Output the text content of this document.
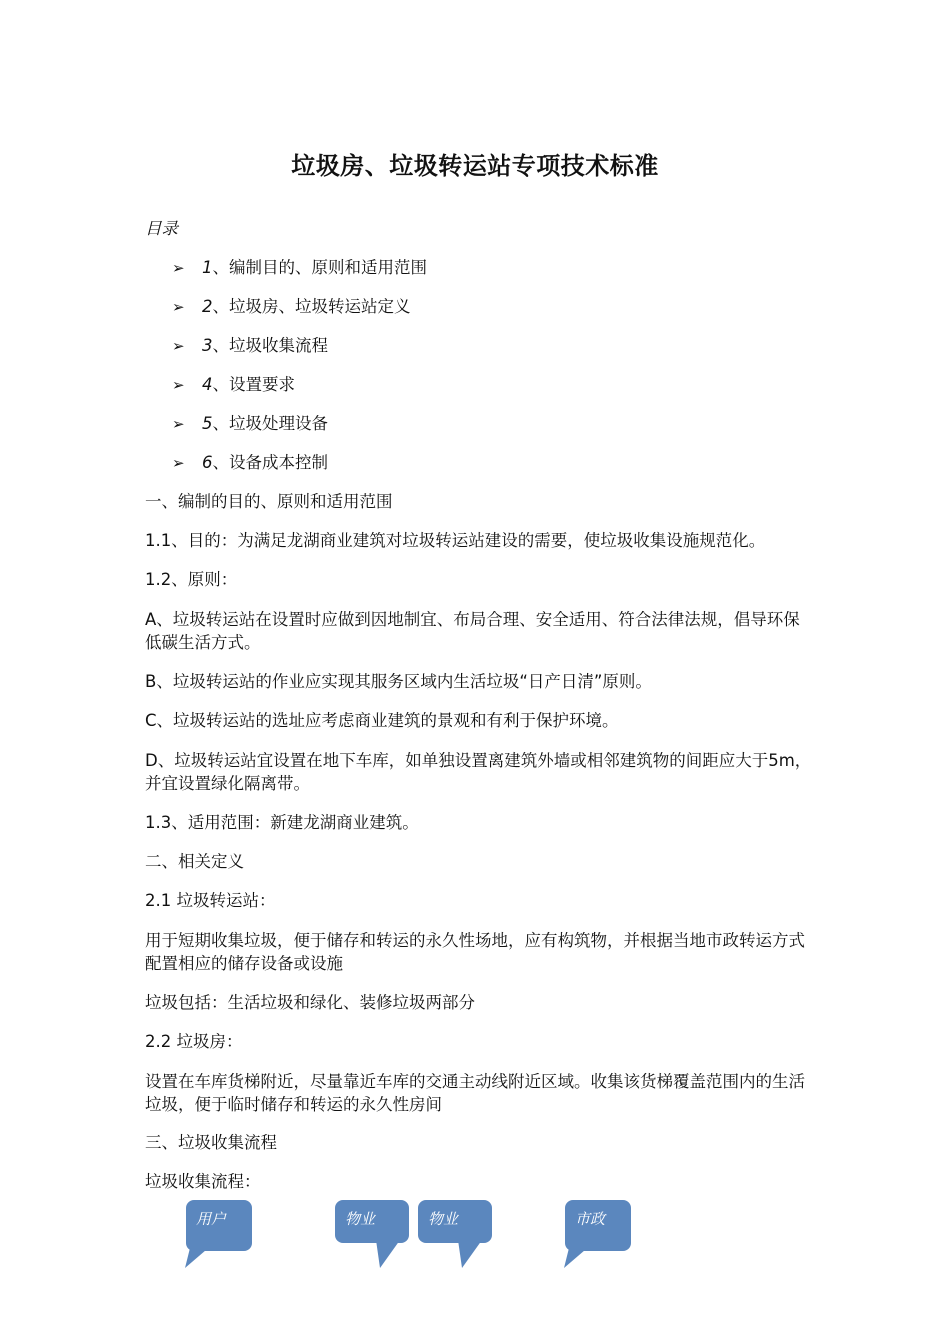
垃圾房、垃圾转运站专项技术标准
目录
➢ 1、编制目的、原则和适用范围
➢ 2、垃圾房、垃圾转运站定义
➢ 3、垃圾收集流程
➢ 4、设置要求
➢ 5、垃圾处理设备
➢ 6、设备成本控制
一、编制的目的、原则和适用范围
1.1、目的：为满足龙湖商业建筑对垃圾转运站建设的需要，使垃圾收集设施规范化。
1.2、原则：
A、垃圾转运站在设置时应做到因地制宜、布局合理、安全适用、符合法律法规，倡导环保低碳生活方式。
B、垃圾转运站的作业应实现其服务区域内生活垃圾“日产日清”原则。
C、垃圾转运站的选址应考虑商业建筑的景观和有利于保护环境。
D、垃圾转运站宜设置在地下车库，如单独设置离建筑外墙或相邻建筑物的间距应大于5m，并宜设置绿化隔离带。
1.3、适用范围：新建龙湖商业建筑。
二、相关定义
2.1 垃圾转运站：
用于短期收集垃圾，便于储存和转运的永久性场地，应有构筑物，并根据当地市政转运方式配置相应的储存设备或设施
垃圾包括：生活垃圾和绿化、装修垃圾两部分
2.2 垃圾房：
设置在车库货梯附近，尽量靠近车库的交通主动线附近区域。收集该货梯覆盖范围内的生活垃圾，便于临时储存和转运的永久性房间
三、垃圾收集流程
垃圾收集流程：
用户	物业	物业	市政
